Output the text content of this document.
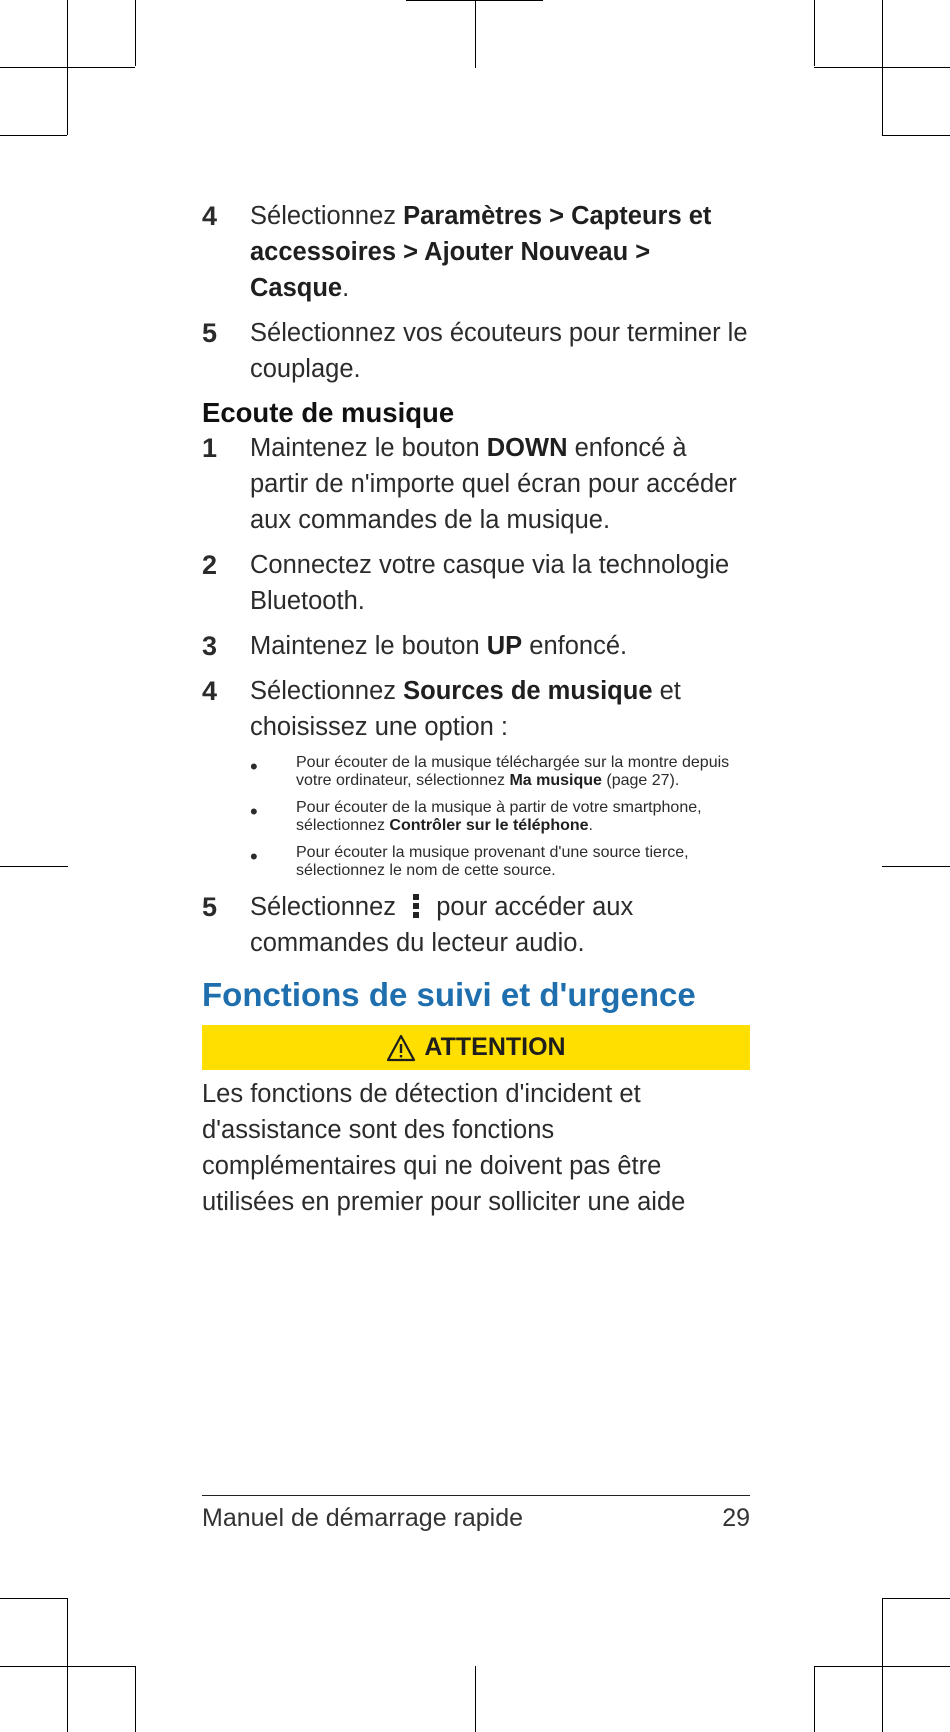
4	Sélectionnez Paramètres > Capteurs et accessoires > Ajouter Nouveau > Casque.
5	Sélectionnez vos écouteurs pour terminer le couplage.
Ecoute de musique
1	Maintenez le bouton DOWN enfoncé à partir de n'importe quel écran pour accéder aux commandes de la musique.
2	Connectez votre casque via la technologie Bluetooth.
3	Maintenez le bouton UP enfoncé.
4	Sélectionnez Sources de musique et choisissez une option :
•
Pour écouter de la musique téléchargée sur la montre depuis votre ordinateur, sélectionnez Ma musique (page 27).
•
Pour écouter de la musique à partir de votre smartphone, sélectionnez Contrôler sur le téléphone.
•
Pour écouter la musique provenant d'une source tierce, sélectionnez le nom de cette source.
5	Sélectionnez pour accéder aux commandes du lecteur audio.
Fonctions de suivi et d'urgence
ATTENTION
Les fonctions de détection d'incident et d'assistance sont des fonctions complémentaires qui ne doivent pas être utilisées en premier pour solliciter une aide
Manuel de démarrage rapide	29
